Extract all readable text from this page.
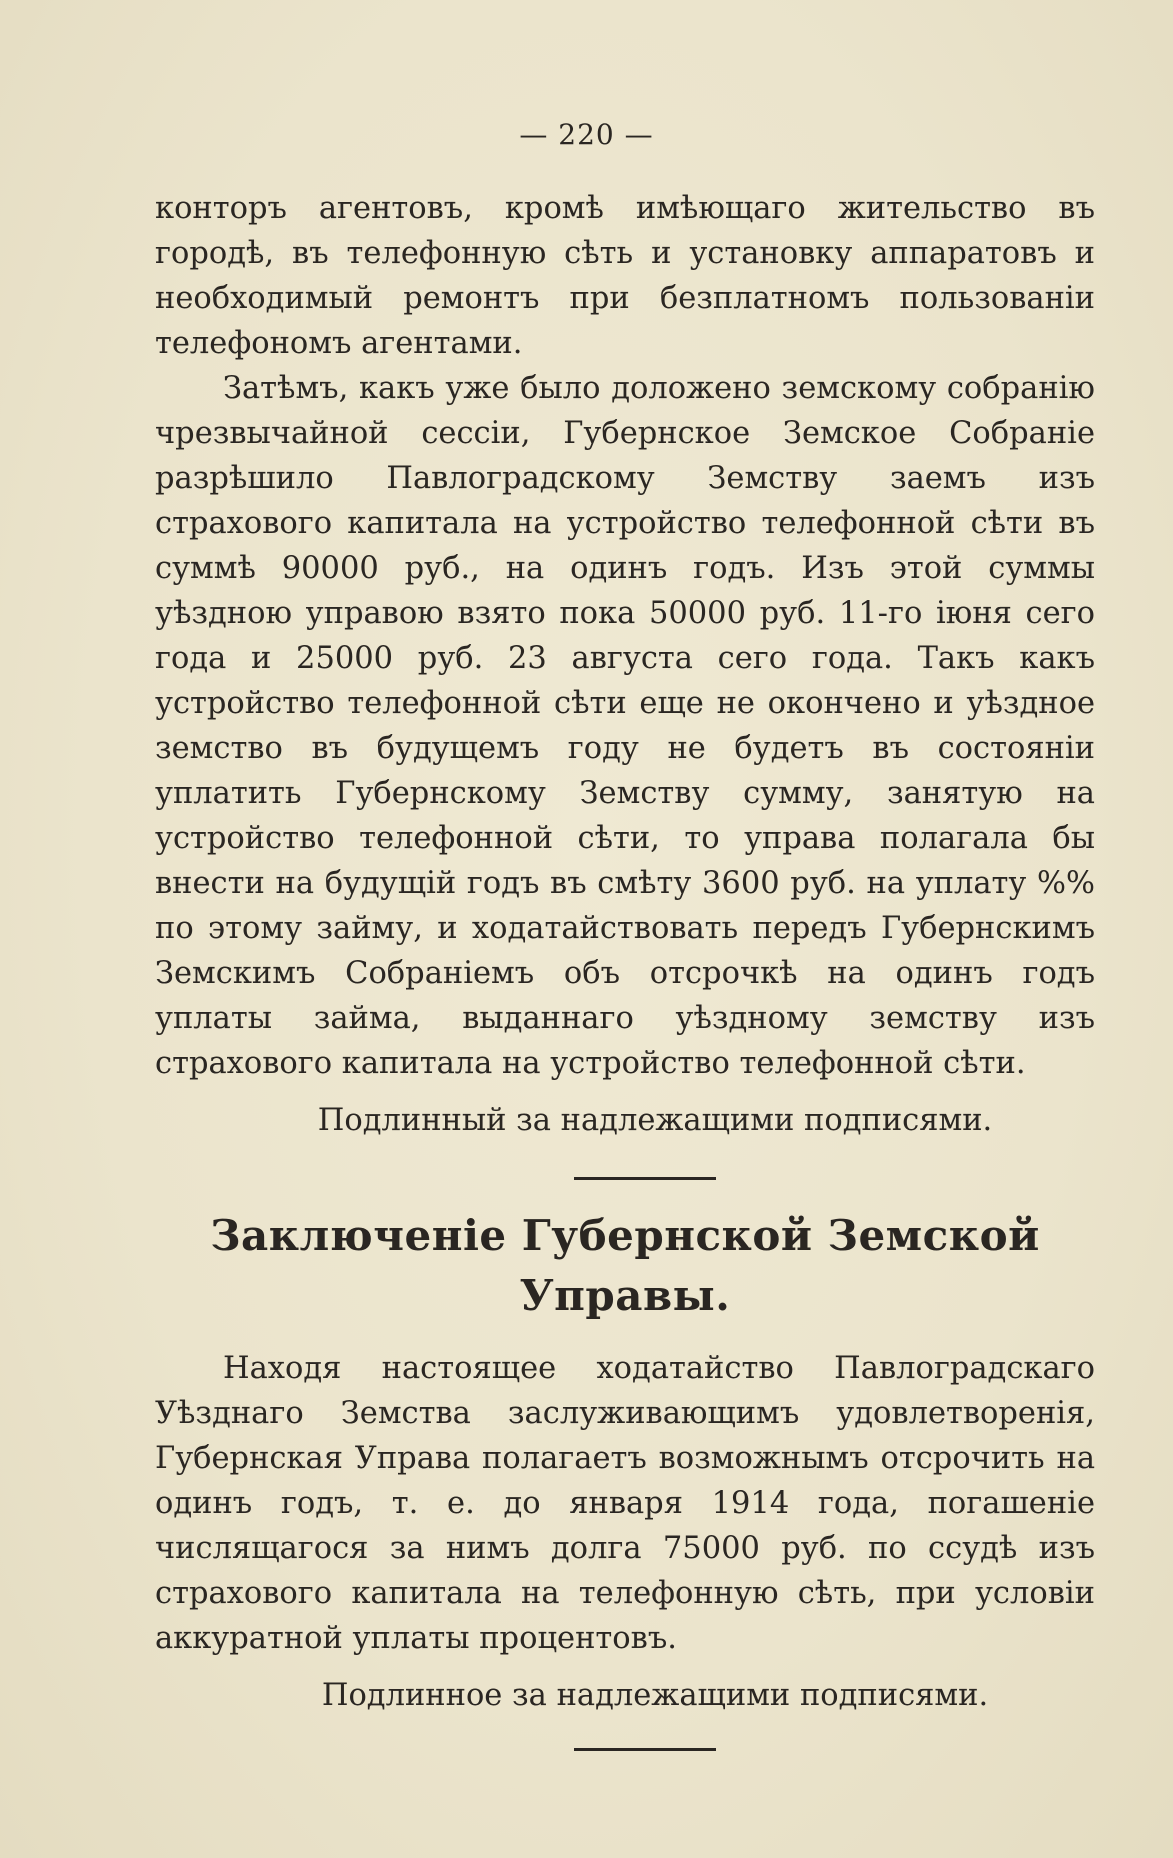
— 220 —

конторъ агентовъ, кромѣ имѣющаго жительство въ городѣ, въ телефонную сѣть и установку аппаратовъ и необходимый ремонтъ при безплатномъ пользованіи телефономъ агентами.

Затѣмъ, какъ уже было доложено земскому собранію чрезвычайной сессіи, Губернское Земское Собраніе разрѣшило Павлоградскому Земству заемъ изъ страхового капитала на устройство телефонной сѣти въ суммѣ 90000 руб., на одинъ годъ. Изъ этой суммы уѣздною управою взято пока 50000 руб. 11-го іюня сего года и 25000 руб. 23 августа сего года. Такъ какъ устройство телефонной сѣти еще не окончено и уѣздное земство въ будущемъ году не будетъ въ состояніи уплатить Губернскому Земству сумму, занятую на устройство телефонной сѣти, то управа полагала бы внести на будущій годъ въ смѣту 3600 руб. на уплату %% по этому займу, и ходатайствовать передъ Губернскимъ Земскимъ Собраніемъ объ отсрочкѣ на одинъ годъ уплаты займа, выданнаго уѣздному земству изъ страхового капитала на устройство телефонной сѣти.

Подлинный за надлежащими подписями.

Заключеніе Губернской Земской Управы.

Находя настоящее ходатайство Павлоградскаго Уѣзднаго Земства заслуживающимъ удовлетворенія, Губернская Управа полагаетъ возможнымъ отсрочить на одинъ годъ, т. е. до января 1914 года, погашеніе числящагося за нимъ долга 75000 руб. по ссудѣ изъ страхового капитала на телефонную сѣть, при условіи аккуратной уплаты процентовъ.

Подлинное за надлежащими подписями.
